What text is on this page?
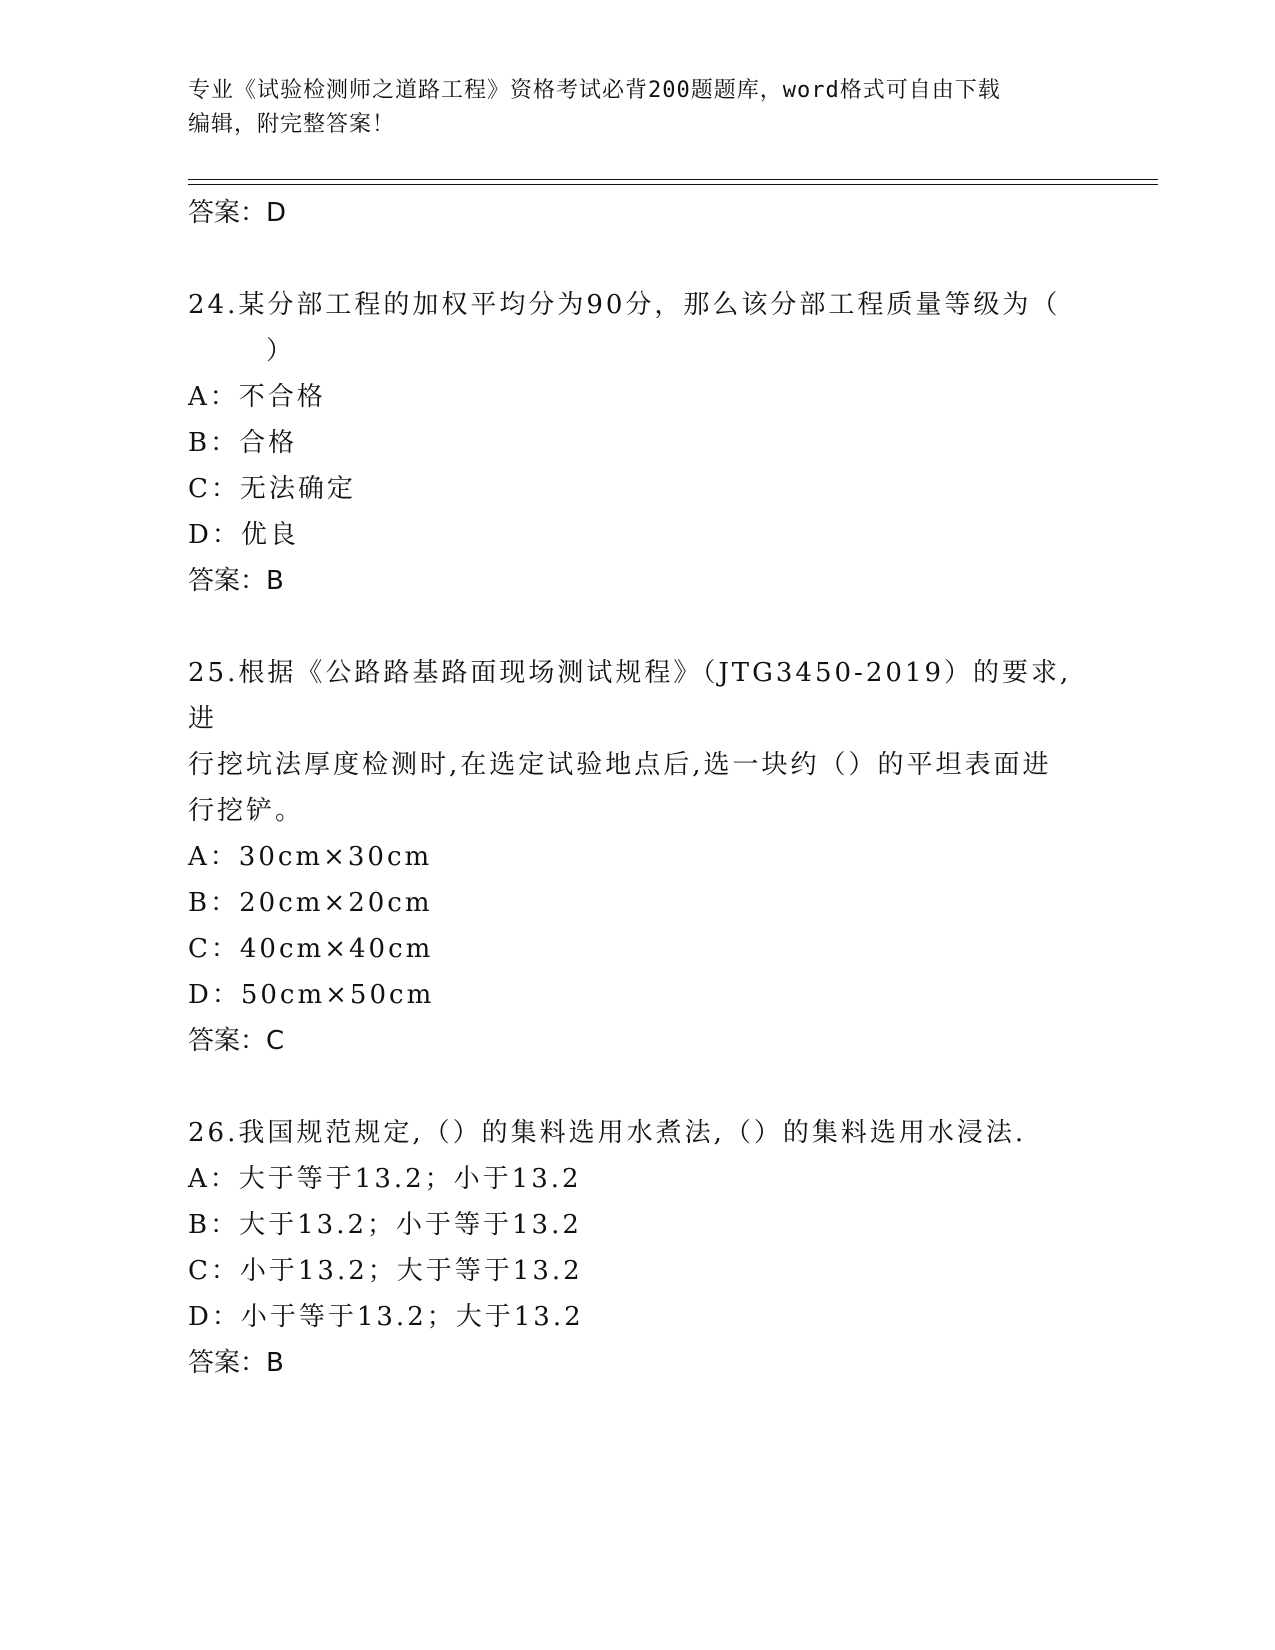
专业《试验检测师之道路工程》资格考试必背200题题库，word格式可自由下载
编辑，附完整答案！
答案：D
24.某分部工程的加权平均分为90分，那么该分部工程质量等级为（
）
A：不合格
B：合格
C：无法确定
D：优良
答案：B
25.根据《公路路基路面现场测试规程》（JTG3450-2019）的要求,进
行挖坑法厚度检测时,在选定试验地点后,选一块约（）的平坦表面进
行挖铲。
A：30cm×30cm
B：20cm×20cm
C：40cm×40cm
D：50cm×50cm
答案：C
26.我国规范规定,（）的集料选用水煮法,（）的集料选用水浸法.
A：大于等于13.2；小于13.2
B：大于13.2；小于等于13.2
C：小于13.2；大于等于13.2
D：小于等于13.2；大于13.2
答案：B
